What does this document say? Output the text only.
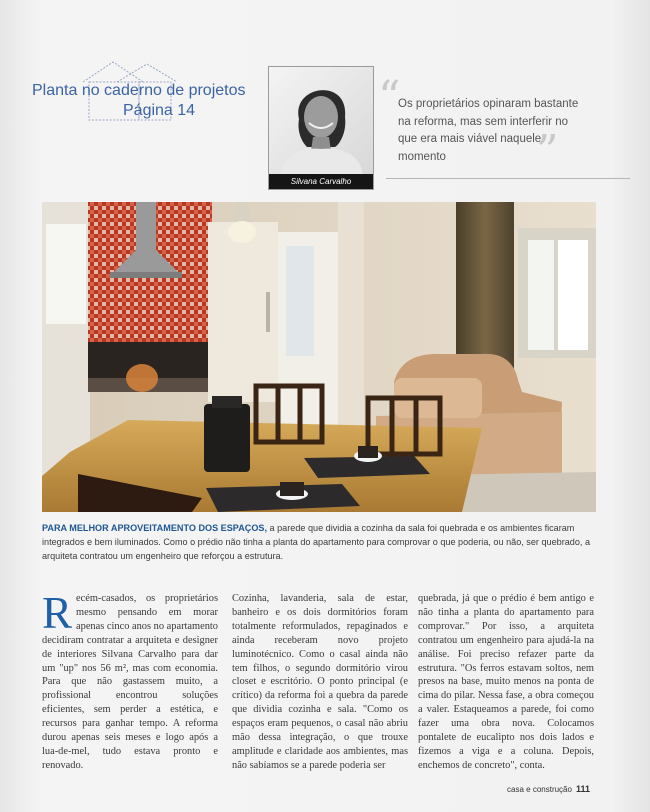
Planta no caderno de projetos
Página 14
Silvana Carvalho
“
Os proprietários opinaram bastante na reforma, mas sem interferir no que era mais viável naquele momento	”
PARA MELHOR APROVEITAMENTO DOS ESPAÇOS, a parede que dividia a cozinha da sala foi quebrada e os ambientes ficaram integrados e bem iluminados. Como o prédio não tinha a planta do apartamento para comprovar o que poderia, ou não, ser quebrado, a arquiteta contratou um engenheiro que reforçou a estrutura.
Recém-casados, os proprietários mesmo pensando em morar apenas cinco anos no apartamento decidiram contratar a arquiteta e designer de interiores Silvana Carvalho para dar um "up" nos 56 m², mas com economia. Para que não gastassem muito, a profissional encontrou soluções eficientes, sem perder a estética, e recursos para ganhar tempo. A reforma durou apenas seis meses e logo após a lua-de-mel, tudo estava pronto e renovado.
Cozinha, lavanderia, sala de estar, banheiro e os dois dormitórios foram totalmente reformulados, repaginados e ainda receberam novo projeto luminotécnico. Como o casal ainda não tem filhos, o segundo dormitório virou closet e escritório. O ponto principal (e crítico) da reforma foi a quebra da parede que dividia cozinha e sala. "Como os espaços eram pequenos, o casal não abriu mão dessa integração, o que trouxe amplitude e claridade aos ambientes, mas não sabíamos se a parede poderia ser
quebrada, já que o prédio é bem antigo e não tinha a planta do apartamento para comprovar." Por isso, a arquiteta contratou um engenheiro para ajudá-la na análise. Foi preciso refazer parte da estrutura. "Os ferros estavam soltos, nem presos na base, muito menos na ponta de cima do pilar. Nessa fase, a obra começou a valer. Estaqueamos a parede, foi como fazer uma obra nova. Colocamos pontalete de eucalipto nos dois lados e fizemos a viga e a coluna. Depois, enchemos de concreto", conta.
casa e construção 111
